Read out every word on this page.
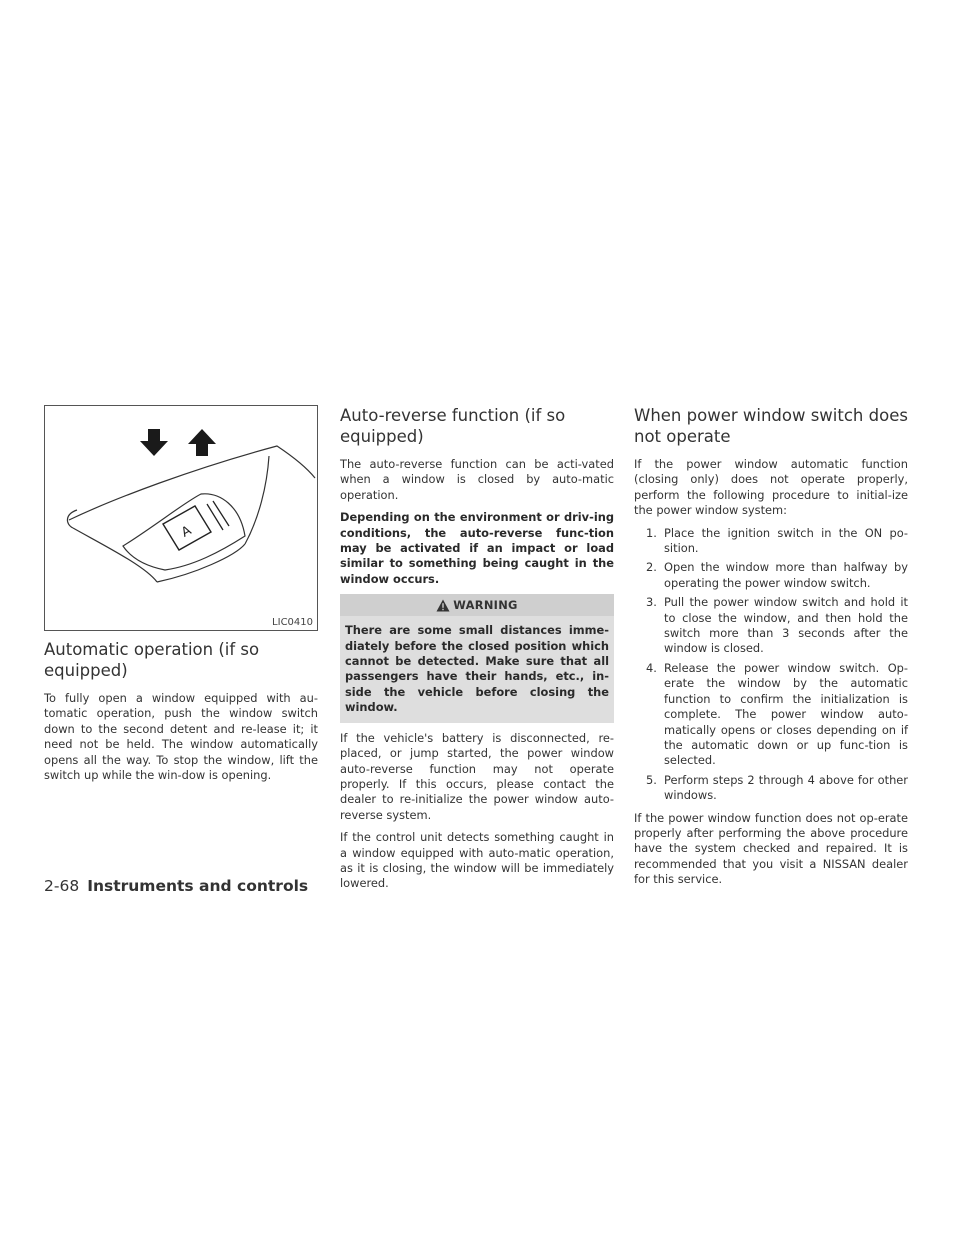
A
LIC0410
Automatic operation (if so equipped)

To fully open a window equipped with au-tomatic operation, push the window switch down to the second detent and re-lease it; it need not be held. The window automatically opens all the way. To stop the window, lift the switch up while the win-dow is opening.

Auto-reverse function (if so equipped)

The auto-reverse function can be acti-vated when a window is closed by auto-matic operation.

Depending on the environment or driv-ing conditions, the auto-reverse func-tion may be activated if an impact or load similar to something being caught in the window occurs.

WARNING
There are some small distances imme-diately before the closed position which cannot be detected. Make sure that all passengers have their hands, etc., in-side the vehicle before closing the window.

If the vehicle's battery is disconnected, re-placed, or jump started, the power window auto-reverse function may not operate properly. If this occurs, please contact the dealer to re-initialize the power window auto-reverse system.

If the control unit detects something caught in a window equipped with auto-matic operation, as it is closing, the window will be immediately lowered.

When power window switch does not operate

If the power window automatic function (closing only) does not operate properly, perform the following procedure to initial-ize the power window system:

1. Place the ignition switch in the ON po-sition.
2. Open the window more than halfway by operating the power window switch.
3. Pull the power window switch and hold it to close the window, and then hold the switch more than 3 seconds after the window is closed.
4. Release the power window switch. Op-erate the window by the automatic function to confirm the initialization is complete. The power window auto-matically opens or closes depending on if the automatic down or up func-tion is selected.
5. Perform steps 2 through 4 above for other windows.

If the power window function does not op-erate properly after performing the above procedure have the system checked and repaired. It is recommended that you visit a NISSAN dealer for this service.

2-68 Instruments and controls
